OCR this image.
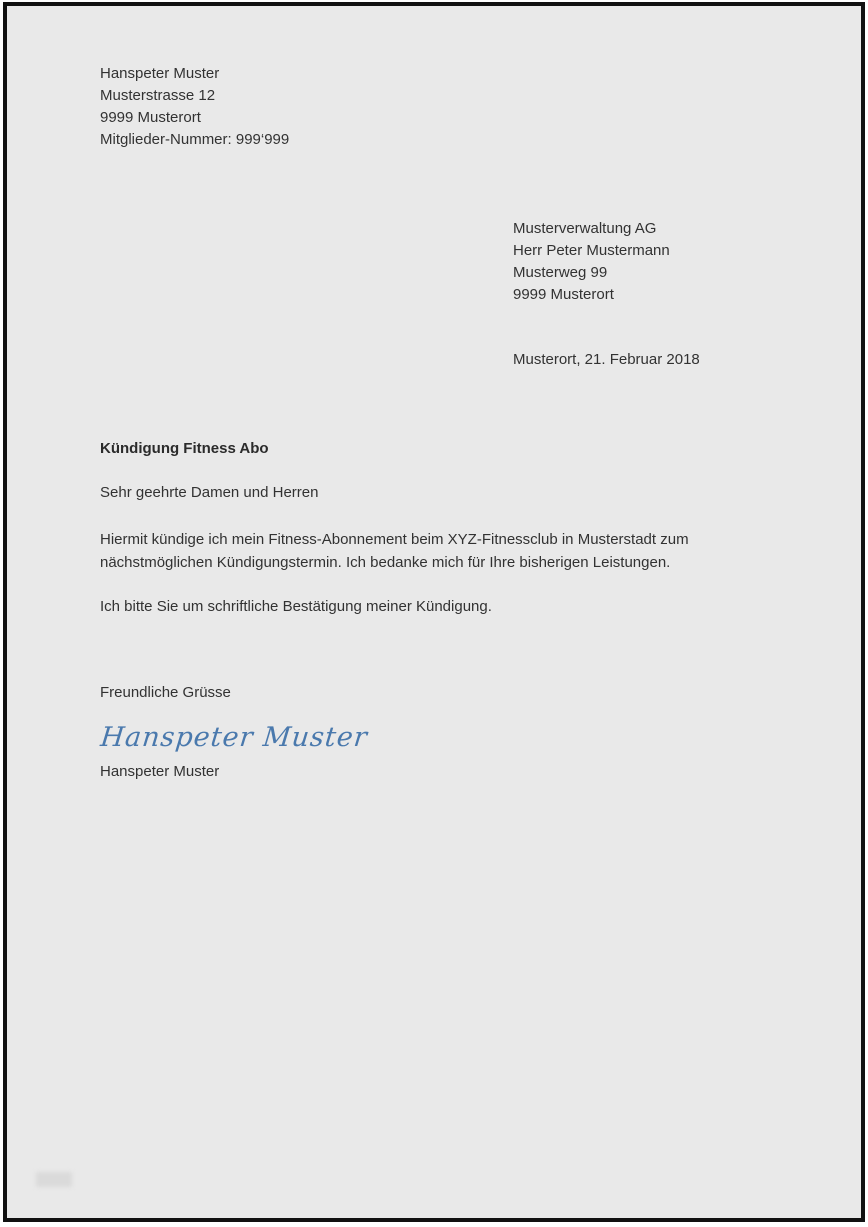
Hanspeter Muster
Musterstrasse 12
9999 Musterort
Mitglieder-Nummer: 999‘999
Musterverwaltung AG
Herr Peter Mustermann
Musterweg 99
9999 Musterort
Musterort, 21. Februar 2018
Kündigung Fitness Abo
Sehr geehrte Damen und Herren

Hiermit kündige ich mein Fitness-Abonnement beim XYZ-Fitnessclub in Musterstadt zum nächstmöglichen Kündigungstermin. Ich bedanke mich für Ihre bisherigen Leistungen.

Ich bitte Sie um schriftliche Bestätigung meiner Kündigung.

Freundliche Grüsse
Hanspeter Muster
Hanspeter Muster
